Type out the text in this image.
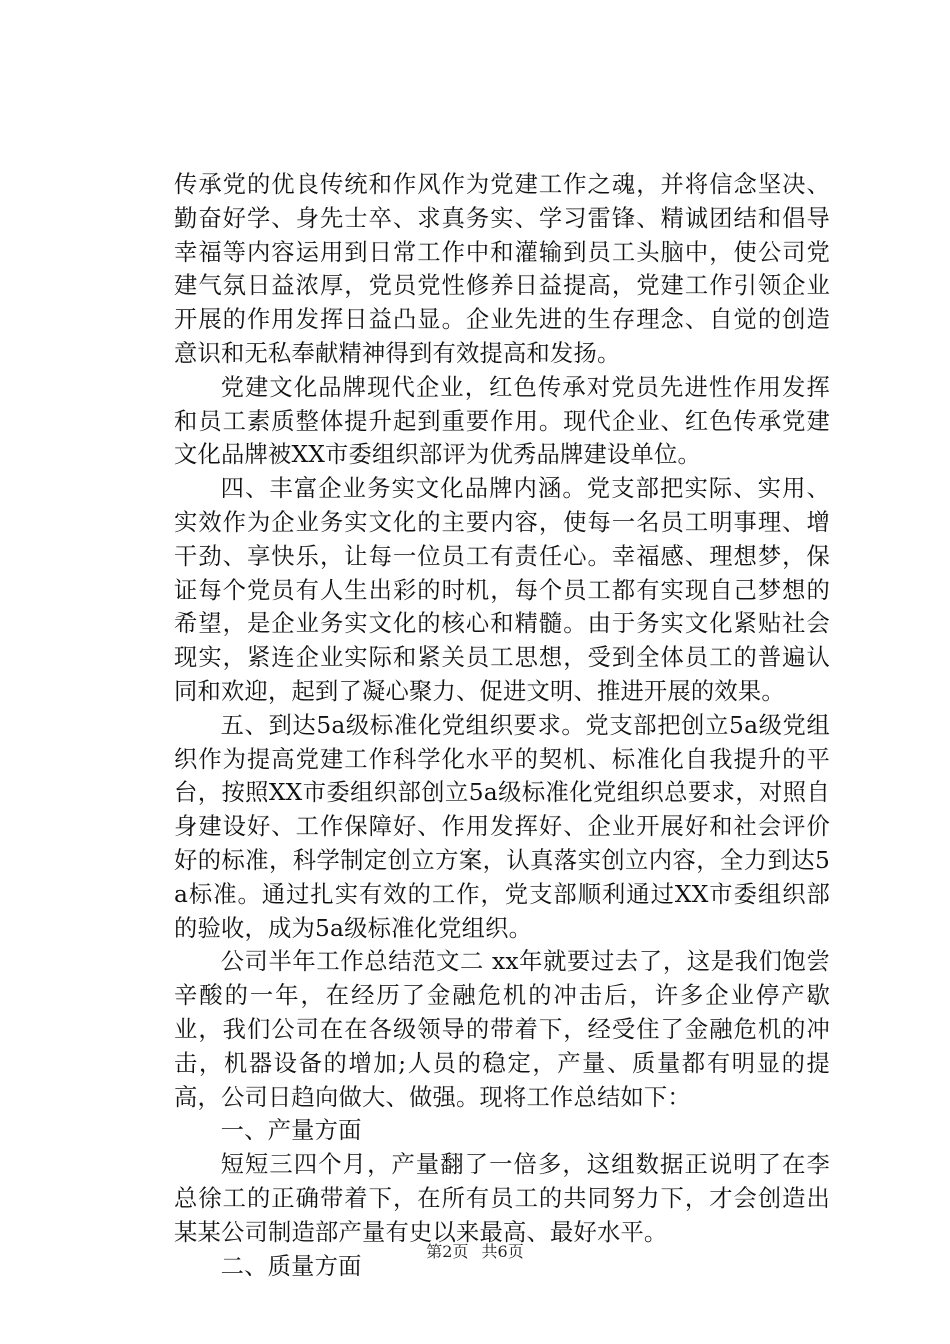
传承党的优良传统和作风作为党建工作之魂，并将信念坚决、勤奋好学、身先士卒、求真务实、学习雷锋、精诚团结和倡导幸福等内容运用到日常工作中和灌输到员工头脑中，使公司党建气氛日益浓厚，党员党性修养日益提高，党建工作引领企业开展的作用发挥日益凸显。企业先进的生存理念、自觉的创造意识和无私奉献精神得到有效提高和发扬。

党建文化品牌现代企业，红色传承对党员先进性作用发挥和员工素质整体提升起到重要作用。现代企业、红色传承党建文化品牌被XX市委组织部评为优秀品牌建设单位。

四、丰富企业务实文化品牌内涵。党支部把实际、实用、实效作为企业务实文化的主要内容，使每一名员工明事理、增干劲、享快乐，让每一位员工有责任心。幸福感、理想梦，保证每个党员有人生出彩的时机，每个员工都有实现自己梦想的希望，是企业务实文化的核心和精髓。由于务实文化紧贴社会现实，紧连企业实际和紧关员工思想，受到全体员工的普遍认同和欢迎，起到了凝心聚力、促进文明、推进开展的效果。

五、到达5a级标准化党组织要求。党支部把创立5a级党组织作为提高党建工作科学化水平的契机、标准化自我提升的平台，按照XX市委组织部创立5a级标准化党组织总要求，对照自身建设好、工作保障好、作用发挥好、企业开展好和社会评价好的标准，科学制定创立方案，认真落实创立内容，全力到达5a标准。通过扎实有效的工作，党支部顺利通过XX市委组织部的验收，成为5a级标准化党组织。

公司半年工作总结范文二 xx年就要过去了，这是我们饱尝辛酸的一年，在经历了金融危机的冲击后，许多企业停产歇业，我们公司在在各级领导的带着下，经受住了金融危机的冲击，机器设备的增加;人员的稳定，产量、质量都有明显的提高，公司日趋向做大、做强。现将工作总结如下：

一、产量方面

短短三四个月，产量翻了一倍多，这组数据正说明了在李总徐工的正确带着下，在所有员工的共同努力下，才会创造出某某公司制造部产量有史以来最高、最好水平。

二、质量方面

第2页 共6页
